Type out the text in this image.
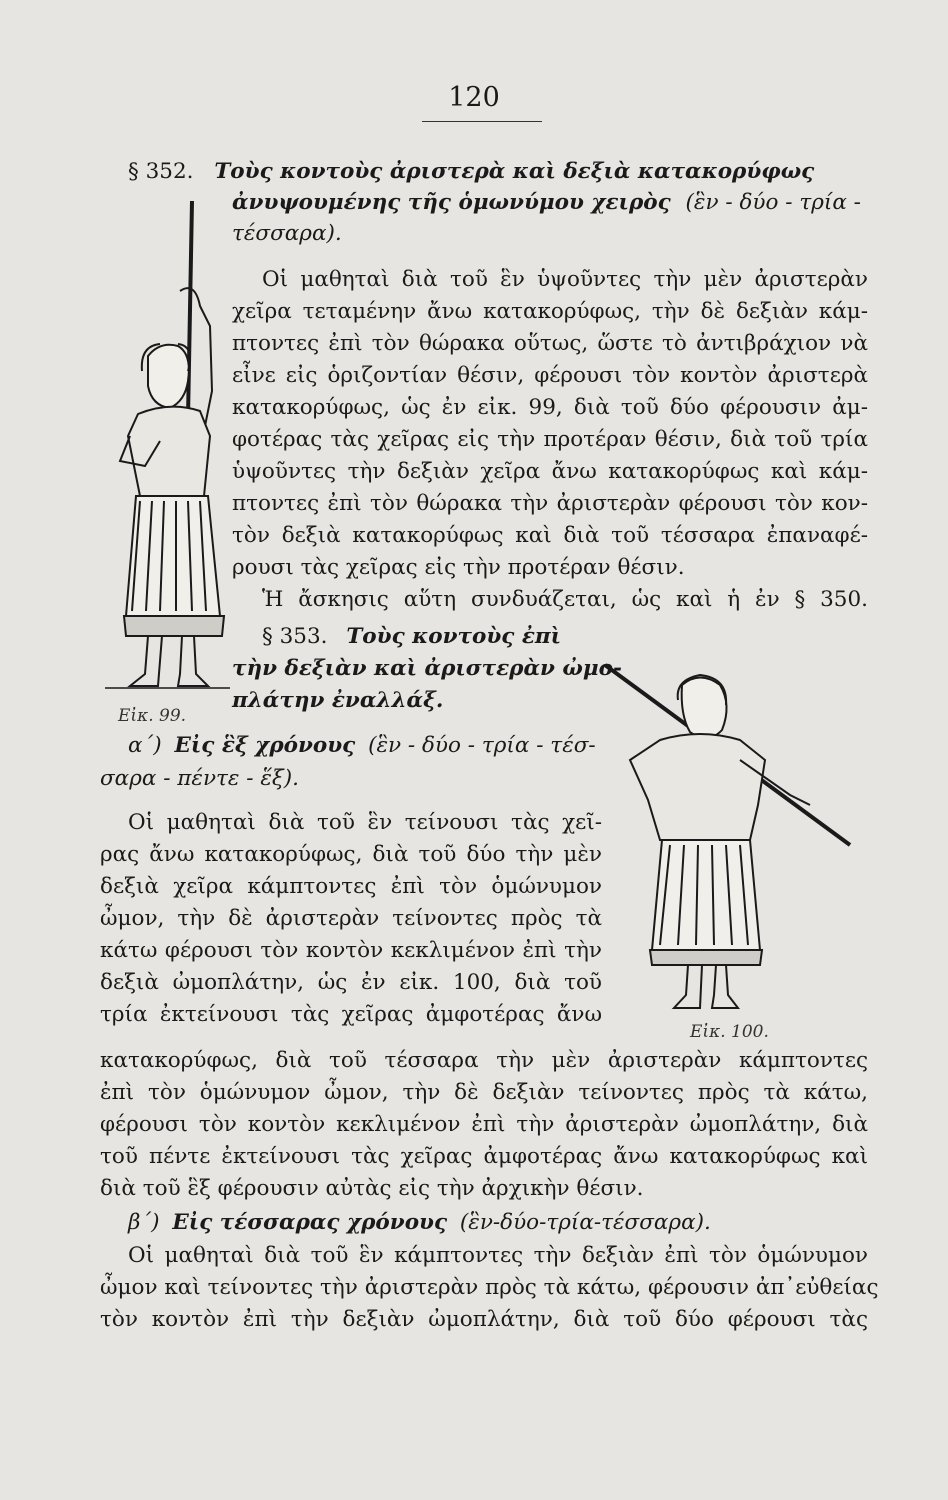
120
Εἰκ. 99.
Εἰκ. 100.
§ 352. Τοὺς κοντοὺς ἀριστερὰ καὶ δεξιὰ κατακορύφως
ἀνυψουμένης τῆς ὁμωνύμου χειρὸς (ἓν - δύο - τρία -
τέσσαρα).
Οἱ μαθηταὶ διὰ τοῦ ἓν ὑψοῦντες τὴν μὲν ἀριστερὰν
χεῖρα τεταμένην ἄνω κατακορύφως, τὴν δὲ δεξιὰν κάμ-
πτοντες ἐπὶ τὸν θώρακα οὕτως, ὥστε τὸ ἀντιβράχιον νὰ
εἶνε εἰς ὁριζοντίαν θέσιν, φέρουσι τὸν κοντὸν ἀριστερὰ
κατακορύφως, ὡς ἐν εἰκ. 99, διὰ τοῦ δύο φέρουσιν ἀμ-
φοτέρας τὰς χεῖρας εἰς τὴν προτέραν θέσιν, διὰ τοῦ τρία
ὑψοῦντες τὴν δεξιὰν χεῖρα ἄνω κατακορύφως καὶ κάμ-
πτοντες ἐπὶ τὸν θώρακα τὴν ἀριστερὰν φέρουσι τὸν κον-
τὸν δεξιὰ κατακορύφως καὶ διὰ τοῦ τέσσαρα ἐπαναφέ-
ρουσι τὰς χεῖρας εἰς τὴν προτέραν θέσιν.
Ἡ ἄσκησις αὕτη συνδυάζεται, ὡς καὶ ἡ ἐν § 350.
§ 353. Τοὺς κοντοὺς ἐπὶ
τὴν δεξιὰν καὶ ἀριστερὰν ὠμο-
πλάτην ἐναλλάξ.
α΄) Εἰς ἓξ χρόνους (ἓν - δύο - τρία - τέσ-
σαρα - πέντε - ἕξ).
Οἱ μαθηταὶ διὰ τοῦ ἓν τείνουσι τὰς χεῖ-
ρας ἄνω κατακορύφως, διὰ τοῦ δύο τὴν μὲν
δεξιὰ χεῖρα κάμπτοντες ἐπὶ τὸν ὁμώνυμον
ὦμον, τὴν δὲ ἀριστερὰν τείνοντες πρὸς τὰ
κάτω φέρουσι τὸν κοντὸν κεκλιμένον ἐπὶ τὴν
δεξιὰ ὠμοπλάτην, ὡς ἐν εἰκ. 100, διὰ τοῦ
τρία ἐκτείνουσι τὰς χεῖρας ἀμφοτέρας ἄνω
κατακορύφως, διὰ τοῦ τέσσαρα τὴν μὲν ἀριστερὰν κάμπτοντες
ἐπὶ τὸν ὁμώνυμον ὦμον, τὴν δὲ δεξιὰν τείνοντες πρὸς τὰ κάτω,
φέρουσι τὸν κοντὸν κεκλιμένον ἐπὶ τὴν ἀριστερὰν ὠμοπλάτην, διὰ
τοῦ πέντε ἐκτείνουσι τὰς χεῖρας ἀμφοτέρας ἄνω κατακορύφως καὶ
διὰ τοῦ ἓξ φέρουσιν αὐτὰς εἰς τὴν ἀρχικὴν θέσιν.
β΄) Εἰς τέσσαρας χρόνους (ἓν-δύο-τρία-τέσσαρα).
Οἱ μαθηταὶ διὰ τοῦ ἓν κάμπτοντες τὴν δεξιὰν ἐπὶ τὸν ὁμώνυμον
ὦμον καὶ τείνοντες τὴν ἀριστερὰν πρὸς τὰ κάτω, φέρουσιν ἀπ᾿εὐθείας
τὸν κοντὸν ἐπὶ τὴν δεξιὰν ὠμοπλάτην, διὰ τοῦ δύο φέρουσι τὰς
